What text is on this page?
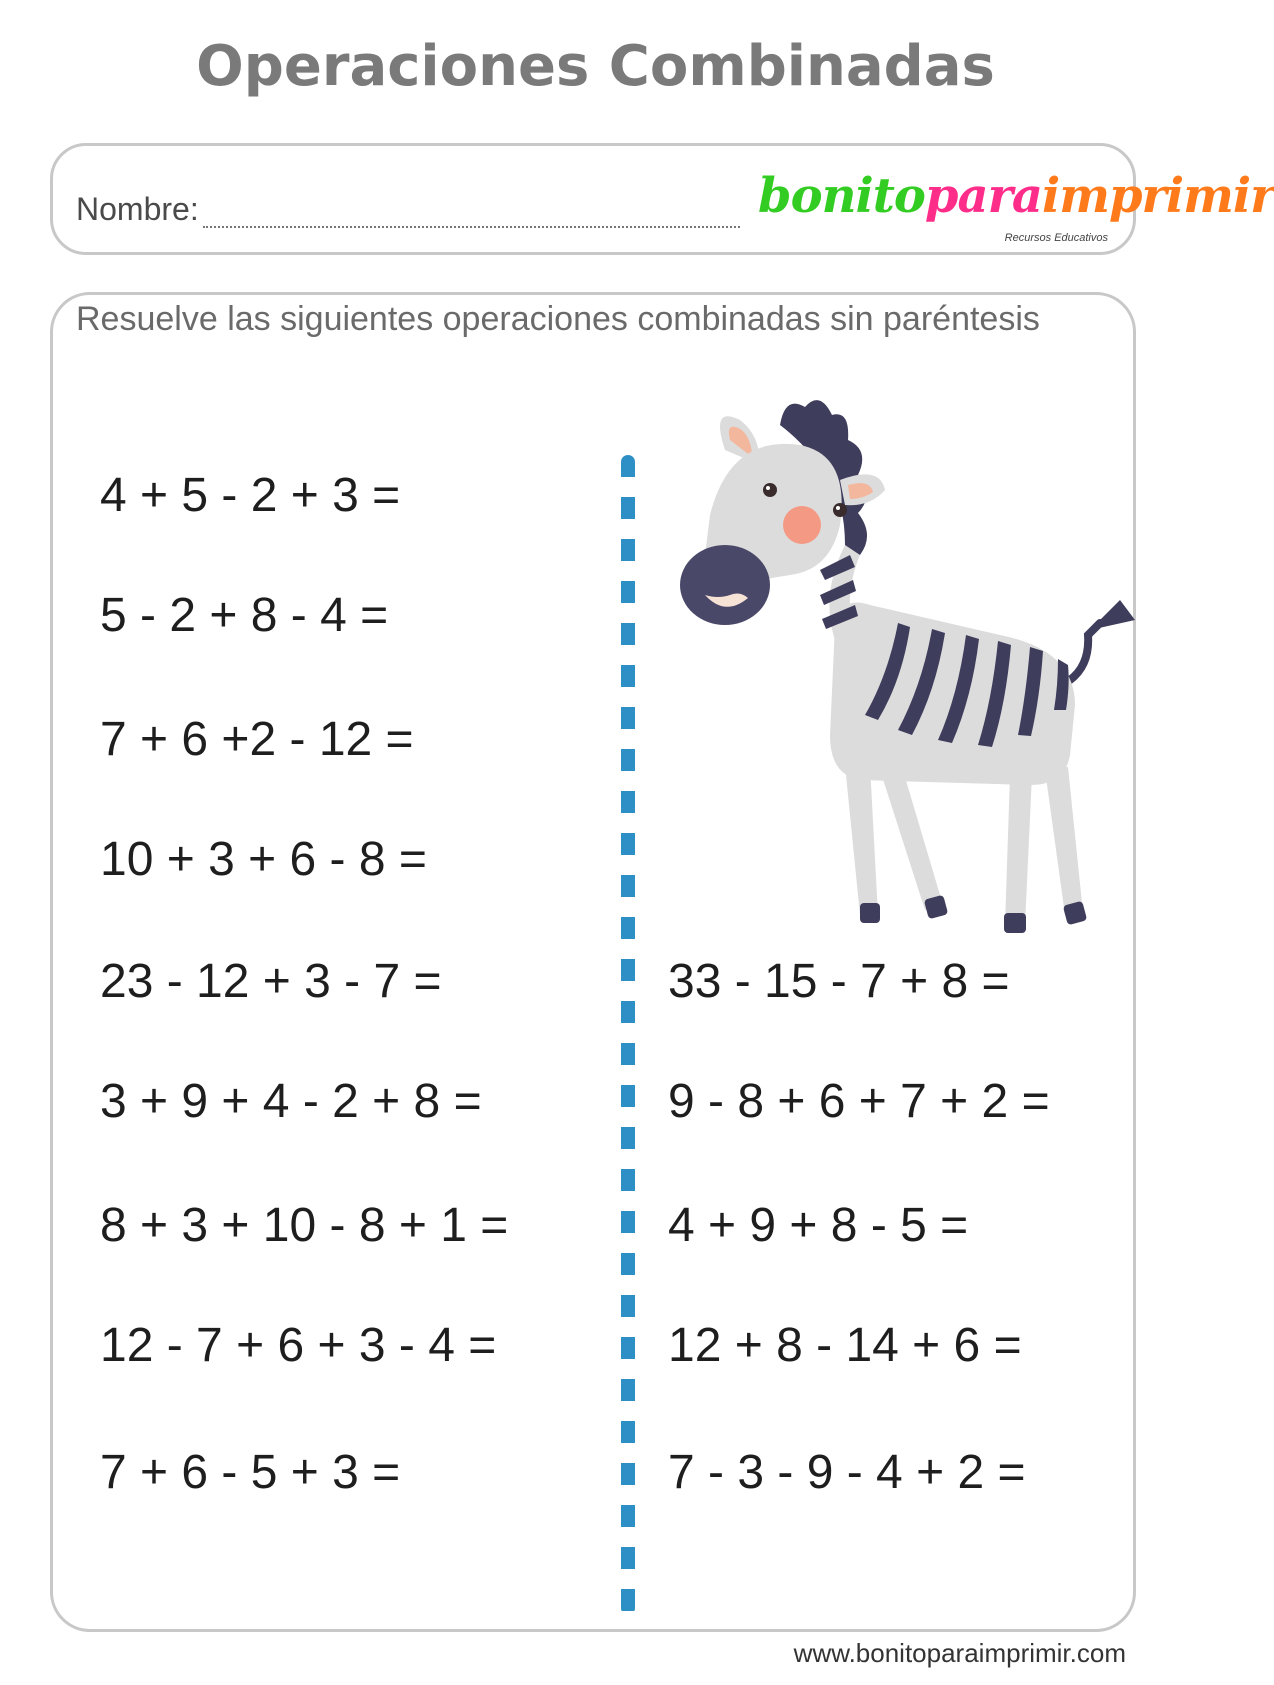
Operaciones Combinadas
Nombre:	bonitoparaimprimir
Recursos Educativos
Resuelve las siguientes operaciones combinadas sin paréntesis
4 + 5 - 2 + 3 =
5 - 2 + 8 - 4 =
7 + 6 +2 - 12 =
10 + 3 + 6 - 8 =
23 - 12 + 3 - 7 =
3 + 9 + 4 - 2 + 8 =
8 + 3 + 10 - 8 + 1 =
12 - 7 + 6 + 3 - 4 =
7 + 6 - 5 + 3 =
33 - 15 - 7 + 8 =
9 - 8 + 6 + 7 + 2 =
4 + 9 + 8 - 5 =
12 + 8 - 14 + 6 =
7 - 3 - 9 - 4 + 2 =
www.bonitoparaimprimir.com
